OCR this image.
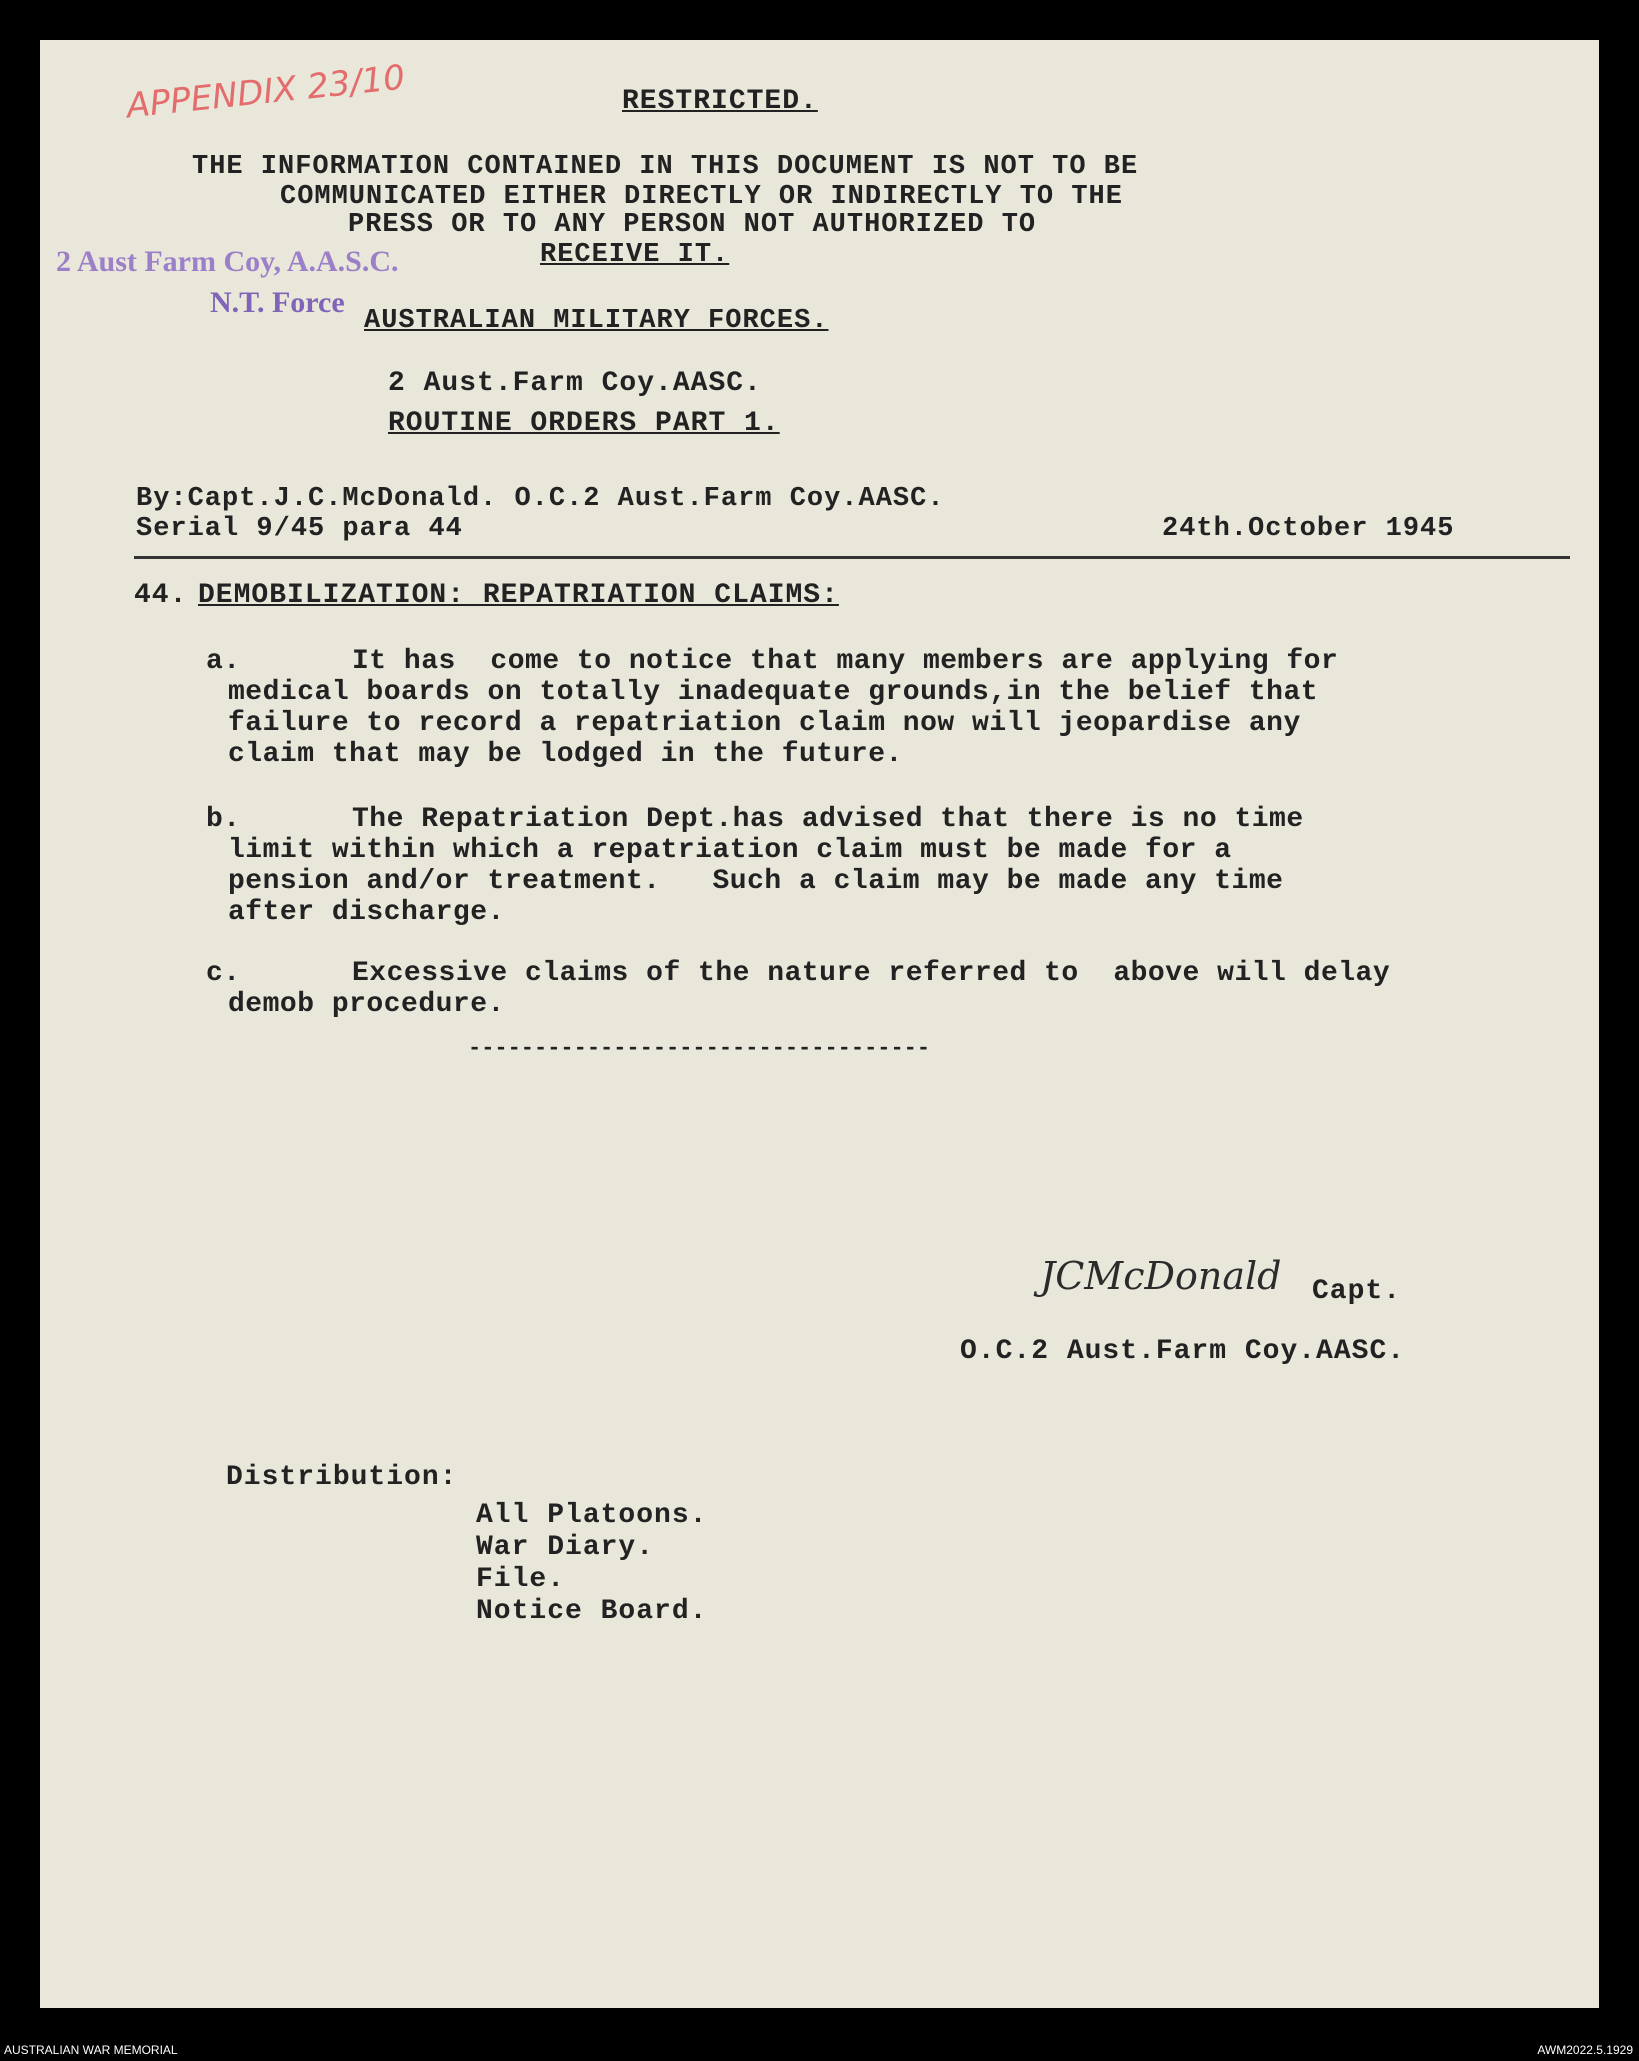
APPENDIX 23/10	RESTRICTED.
THE INFORMATION CONTAINED IN THIS DOCUMENT IS NOT TO BE
COMMUNICATED EITHER DIRECTLY OR INDIRECTLY TO THE
PRESS OR TO ANY PERSON NOT AUTHORIZED TO
RECEIVE IT.
2 Aust Farm Coy, A.A.S.C.
N.T. Force
AUSTRALIAN MILITARY FORCES.
2 Aust.Farm Coy.AASC.
ROUTINE ORDERS PART 1.
By:Capt.J.C.McDonald. O.C.2 Aust.Farm Coy.AASC.
Serial 9/45 para 44	24th.October 1945
44. DEMOBILIZATION: REPATRIATION CLAIMS:
a.	It has  come to notice that many members are applying for
medical boards on totally inadequate grounds,in the belief that
failure to record a repatriation claim now will jeopardise any
claim that may be lodged in the future.
b.	The Repatriation Dept.has advised that there is no time
limit within which a repatriation claim must be made for a
pension and/or treatment.   Such a claim may be made any time
after discharge.
c.	Excessive claims of the nature referred to  above will delay
demob procedure.
-----------------------------------
JCMcDonald Capt.
O.C.2 Aust.Farm Coy.AASC.
Distribution:
All Platoons.
War Diary.
File.
Notice Board.
AUSTRALIAN WAR MEMORIAL	AWM2022.5.1929
